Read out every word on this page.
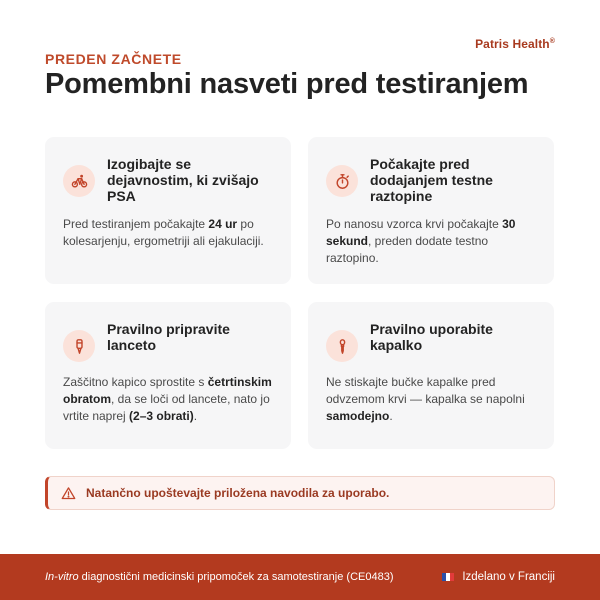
Patris Health®
PREDEN ZAČNETE
Pomembni nasveti pred testiranjem
Izogibajte se dejavnostim, ki zvišajo PSA

Pred testiranjem počakajte 24 ur po kolesarjenju, ergometriji ali ejakulaciji.

Počakajte pred dodajanjem testne raztopine

Po nanosu vzorca krvi počakajte 30 sekund, preden dodate testno raztopino.

Pravilno pripravite lanceto

Zaščitno kapico sprostite s četrtinskim obratom, da se loči od lancete, nato jo vrtite naprej (2–3 obrati).

Pravilno uporabite kapalko

Ne stiskajte bučke kapalke pred odvzemom krvi — kapalka se napolni samodejno.

Natančno upoštevajte priložena navodila za uporabo.
In-vitro diagnostični medicinski pripomoček za samotestiranje (CE0483)	Izdelano v Franciji
